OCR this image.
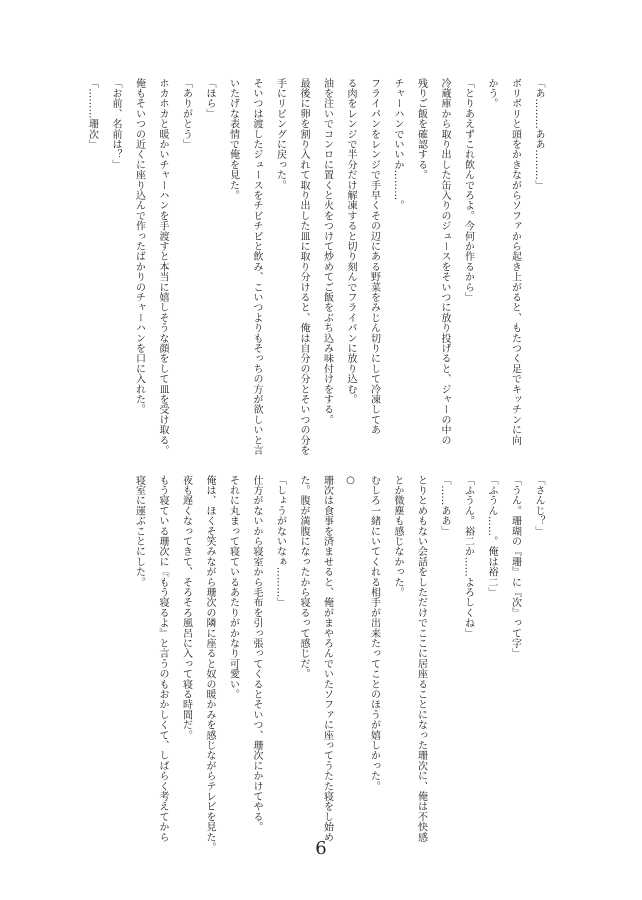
「あ………ああ………」

ボリボリと頭をかきながらソファから起き上がると、もたつく足でキッチンに向

かう。

「とりあえずこれ飲んでろよ。今何か作るから」

冷蔵庫から取り出した缶入りのジュースをそいつに放り投げると、ジャーの中の

残りご飯を確認する。

チャーハンでいいか………。

フライパンをレンジで手早くその辺にある野菜をみじん切りにして冷凍してあ

る肉をレンジで半分だけ解凍すると切り刻んでフライパンに放り込む。

油を注いでコンロに置くと火をつけて炒めてご飯をぶち込み味付けをする。

最後に卵を割り入れて取り出した皿に取り分けると、俺は自分の分とそいつの分を

手にリビングに戻った。

そいつは渡したジュースをチビチビと飲み、こいつよりもそっちの方が欲しいと言

いたげな表情で俺を見た。

「ほら」

「ありがとう」

ホカホカと暖かいチャーハンを手渡すと本当に嬉しそうな顔をして皿を受け取る。

俺もそいつの近くに座り込んで作ったばかりのチャーハンを口に入れた。

「お前、名前は？」

「………珊次」

「さんじ？」

「うん。珊瑚の『珊』に『次』って字」

「ふうん……。俺は裕二」

「ふうん。裕二か……よろしくね」

「……ああ」

とりとめもない会話をしただけでここに居座ることになった珊次に、俺は不快感

とか微塵も感じなかった。

むしろ一緒にいてくれる相手が出来たってことのほうが嬉しかった。

○

珊次は食事を済ませると、俺がまやろんでいたソファに座ってうたた寝をし始め

た。腹が満腹になったから寝るって感じだ。

「しょうがないなぁ………」

仕方がないから寝室から毛布を引っ張ってくるとそいつ、珊次にかけてやる。

それに丸まって寝ているあたりがかなり可愛い。

俺は、ほくそ笑みながら珊次の隣に座ると奴の暖かみを感じながらテレビを見た。

夜も遅くなってきて、そろそろ風呂に入って寝る時間だ。

もう寝ている珊次に『もう寝るよ』と言うのもおかしくて、しばらく考えてから

寝室に運ぶことにした。

6
